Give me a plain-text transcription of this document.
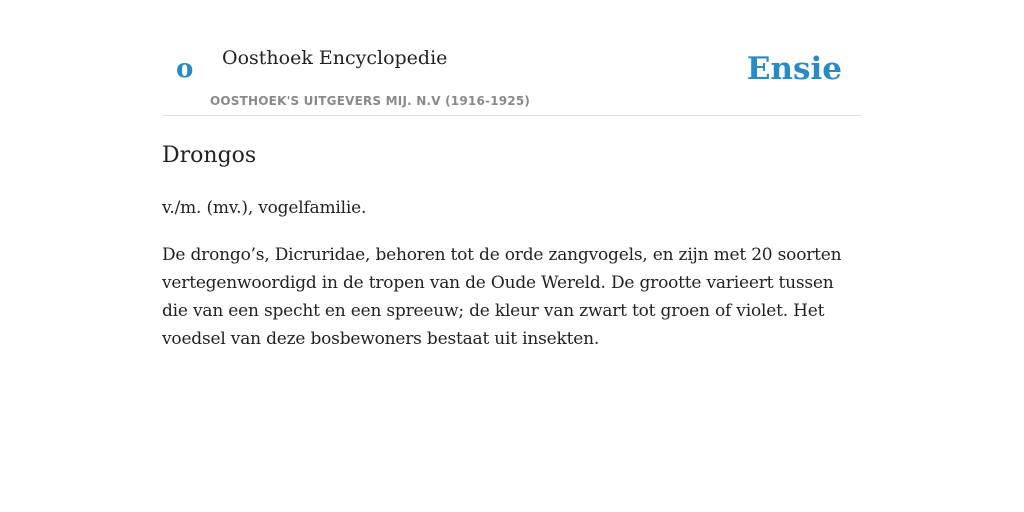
o Oosthoek Encyclopedie
OOSTHOEK'S UITGEVERS MIJ. N.V (1916-1925)
Ensie
Drongos

v./m. (mv.), vogelfamilie.

De drongo’s, Dicruridae, behoren tot de orde zangvogels, en zijn met 20 soorten vertegenwoordigd in de tropen van de Oude Wereld. De grootte varieert tussen die van een specht en een spreeuw; de kleur van zwart tot groen of violet. Het voedsel van deze bosbewoners bestaat uit insekten.
